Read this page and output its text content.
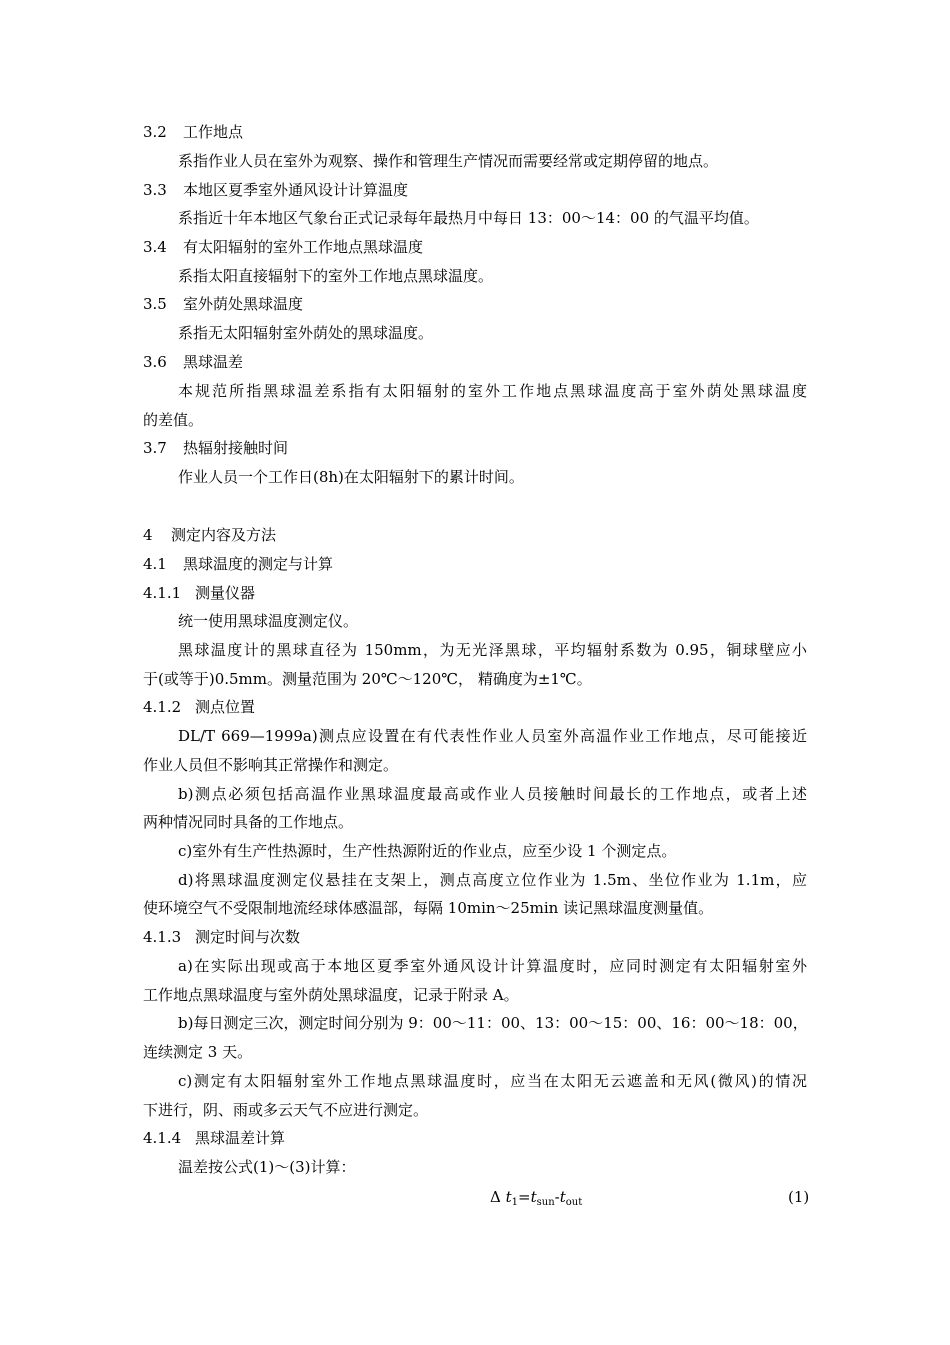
3.2 工作地点
系指作业人员在室外为观察、操作和管理生产情况而需要经常或定期停留的地点。
3.3 本地区夏季室外通风设计计算温度
系指近十年本地区气象台正式记录每年最热月中每日 13：00～14：00 的气温平均值。
3.4 有太阳辐射的室外工作地点黑球温度
系指太阳直接辐射下的室外工作地点黑球温度。
3.5 室外荫处黑球温度
系指无太阳辐射室外荫处的黑球温度。
3.6 黑球温差
本规范所指黑球温差系指有太阳辐射的室外工作地点黑球温度高于室外荫处黑球温度
的差值。
3.7 热辐射接触时间
作业人员一个工作日(8h)在太阳辐射下的累计时间。
4 测定内容及方法
4.1 黑球温度的测定与计算
4.1.1 测量仪器
统一使用黑球温度测定仪。
黑球温度计的黑球直径为 150mm，为无光泽黑球，平均辐射系数为 0.95，铜球壁应小
于(或等于)0.5mm。测量范围为 20℃～120℃， 精确度为±1℃。
4.1.2 测点位置
DL/T 669—1999a)测点应设置在有代表性作业人员室外高温作业工作地点，尽可能接近
作业人员但不影响其正常操作和测定。
b)测点必须包括高温作业黑球温度最高或作业人员接触时间最长的工作地点，或者上述
两种情况同时具备的工作地点。
c)室外有生产性热源时，生产性热源附近的作业点，应至少设 1 个测定点。
d)将黑球温度测定仪悬挂在支架上，测点高度立位作业为 1.5m、坐位作业为 1.1m，应
使环境空气不受限制地流经球体感温部，每隔 10min～25min 读记黑球温度测量值。
4.1.3 测定时间与次数
a)在实际出现或高于本地区夏季室外通风设计计算温度时，应同时测定有太阳辐射室外
工作地点黑球温度与室外荫处黑球温度，记录于附录 A。
b)每日测定三次，测定时间分别为 9：00～11：00、13：00～15：00、16：00～18：00，
连续测定 3 天。
c)测定有太阳辐射室外工作地点黑球温度时，应当在太阳无云遮盖和无风(微风)的情况
下进行，阴、雨或多云天气不应进行测定。
4.1.4 黑球温差计算
温差按公式(1)～(3)计算：
Δ $t_1=t_{sun}-t_{out}$	(1)
